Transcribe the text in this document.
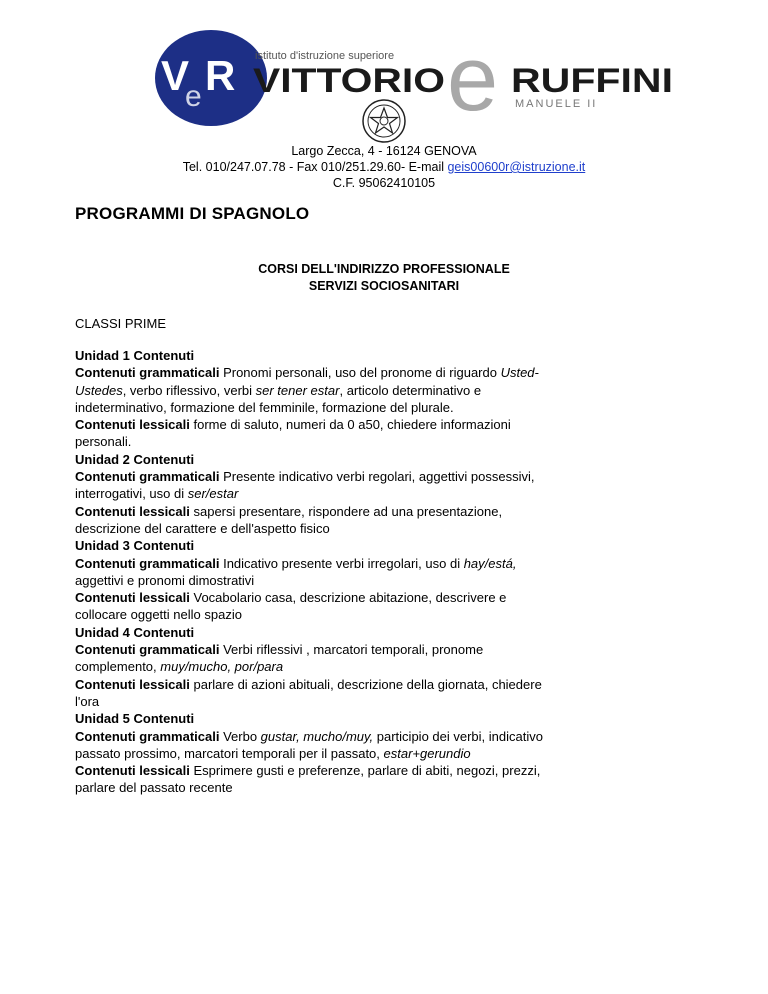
V
e R istituto d'istruzione superiore
VITTORIO e RUFFINI
MANUELE II
Largo Zecca, 4 - 16124 GENOVA
Tel. 010/247.07.78 - Fax 010/251.29.60- E-mail geis00600r@istruzione.it
C.F. 95062410105
PROGRAMMI DI SPAGNOLO
CORSI DELL'INDIRIZZO PROFESSIONALE
SERVIZI SOCIOSANITARI
CLASSI PRIME

Unidad 1 Contenuti

Contenuti grammaticali Pronomi personali, uso del pronome di riguardo Usted-Ustedes, verbo riflessivo, verbi ser tener estar, articolo determinativo e indeterminativo, formazione del femminile, formazione del plurale.

Contenuti lessicali forme di saluto, numeri da 0 a50, chiedere informazioni personali.

Unidad 2 Contenuti

Contenuti grammaticali Presente indicativo verbi regolari, aggettivi possessivi, interrogativi, uso di ser/estar

Contenuti lessicali sapersi presentare, rispondere ad una presentazione, descrizione del carattere e dell'aspetto fisico

Unidad 3 Contenuti

Contenuti grammaticali Indicativo presente verbi irregolari, uso di hay/está, aggettivi e pronomi dimostrativi

Contenuti lessicali Vocabolario casa, descrizione abitazione, descrivere e collocare oggetti nello spazio

Unidad 4 Contenuti

Contenuti grammaticali Verbi riflessivi , marcatori temporali, pronome complemento, muy/mucho, por/para

Contenuti lessicali parlare di azioni abituali, descrizione della giornata, chiedere l'ora

Unidad 5 Contenuti

Contenuti grammaticali Verbo gustar, mucho/muy, participio dei verbi, indicativo passato prossimo, marcatori temporali per il passato, estar+gerundio

Contenuti lessicali Esprimere gusti e preferenze, parlare di abiti, negozi, prezzi, parlare del passato recente
